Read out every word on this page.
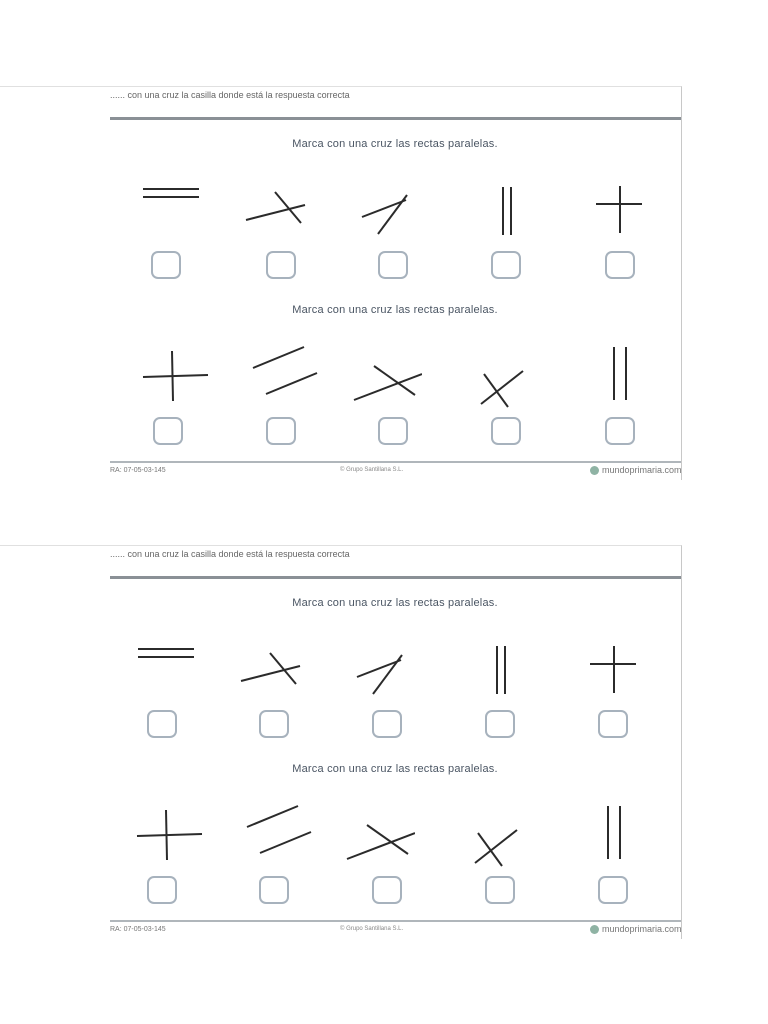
...... con una cruz la casilla donde está la respuesta correcta
Marca con una cruz las rectas paralelas.
Marca con una cruz las rectas paralelas.
RA: 07-05-03-145	© Grupo Santillana S.L.	mundoprimaria.com
...... con una cruz la casilla donde está la respuesta correcta
Marca con una cruz las rectas paralelas.
Marca con una cruz las rectas paralelas.
RA: 07-05-03-145	© Grupo Santillana S.L.	mundoprimaria.com
